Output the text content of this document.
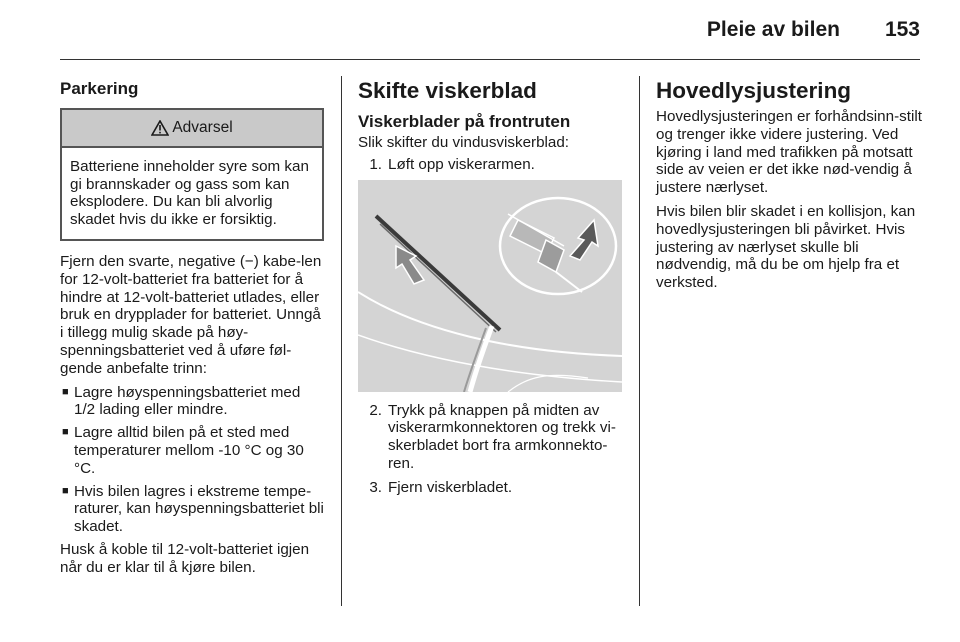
Pleie av bilen 153
Parkering
Advarsel
Batteriene inneholder syre som kan gi brannskader og gass som kan eksplodere. Du kan bli alvorlig skadet hvis du ikke er forsiktig.

Fjern den svarte, negative (−) kabe-len for 12-volt-batteriet fra batteriet for å hindre at 12-volt-batteriet utlades, eller bruk en drypplader for batteriet. Unngå i tillegg mulig skade på høy-spenningsbatteriet ved å uføre føl-gende anbefalte trinn:

■ Lagre høyspenningsbatteriet med 1/2 lading eller mindre.
■ Lagre alltid bilen på et sted med temperaturer mellom -10 °C og 30 °C.
■ Hvis bilen lagres i ekstreme tempe-raturer, kan høyspenningsbatteriet bli skadet.

Husk å koble til 12-volt-batteriet igjen når du er klar til å kjøre bilen.

Skifte viskerblad
Viskerblader på frontruten

Slik skifter du vindusviskerblad:

1. Løft opp viskerarmen.
2. Trykk på knappen på midten av viskerarmkonnektoren og trekk vi-skerbladet bort fra armkonnekto-ren.
3. Fjern viskerbladet.
Hovedlysjustering

Hovedlysjusteringen er forhåndsinn-stilt og trenger ikke videre justering. Ved kjøring i land med trafikken på motsatt side av veien er det ikke nød-vendig å justere nærlyset.

Hvis bilen blir skadet i en kollisjon, kan hovedlysjusteringen bli påvirket. Hvis justering av nærlyset skulle bli nødvendig, må du be om hjelp fra et verksted.
